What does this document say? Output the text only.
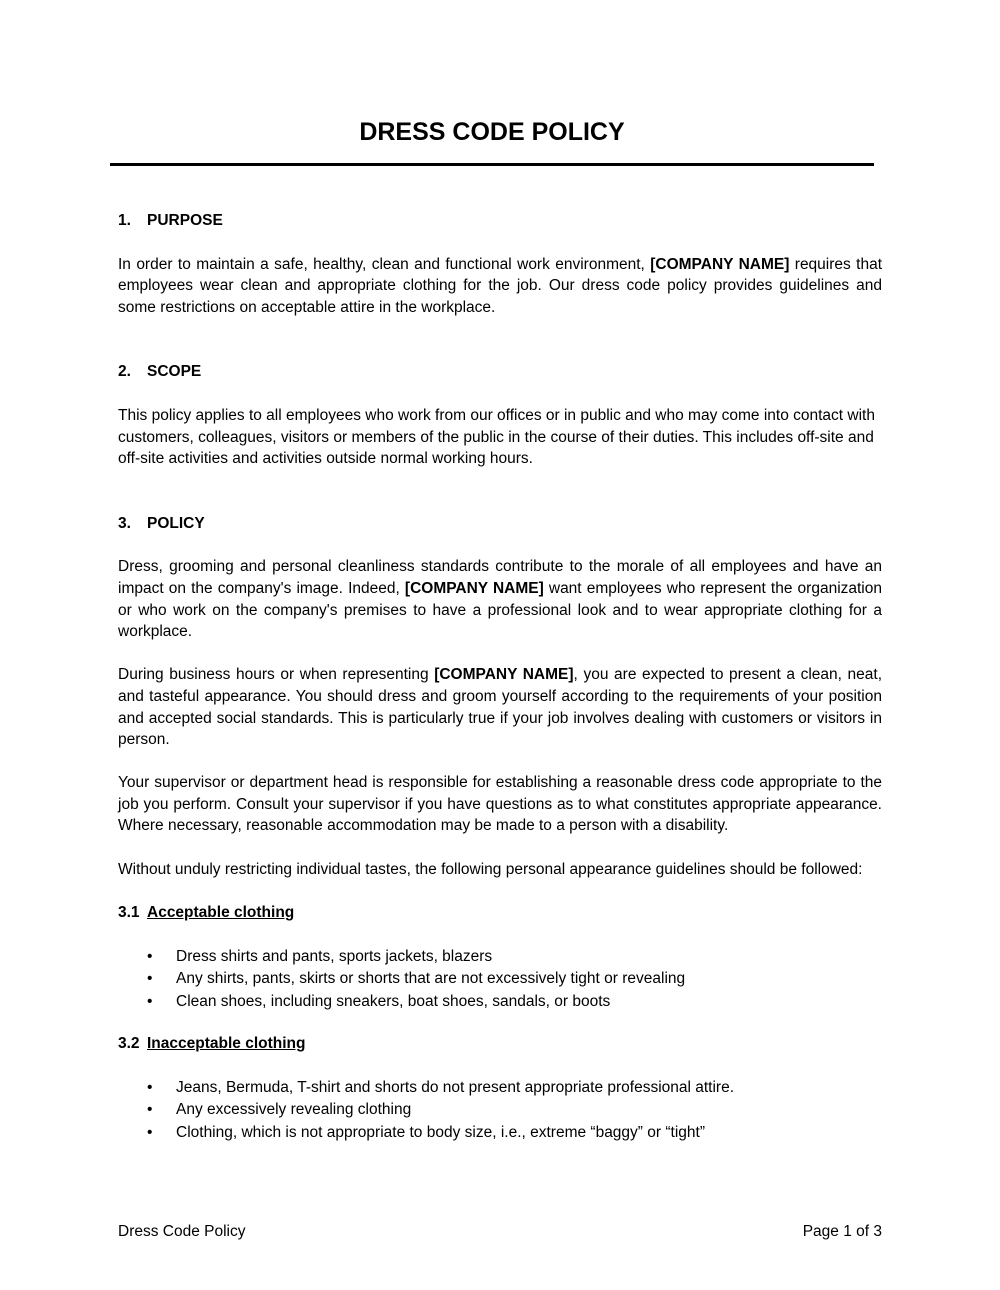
DRESS CODE POLICY
1.	PURPOSE

In order to maintain a safe, healthy, clean and functional work environment, [COMPANY NAME] requires that employees wear clean and appropriate clothing for the job. Our dress code policy provides guidelines and some restrictions on acceptable attire in the workplace.

2.	SCOPE

This policy applies to all employees who work from our offices or in public and who may come into contact with customers, colleagues, visitors or members of the public in the course of their duties. This includes off-site and off-site activities and activities outside normal working hours.

3.	POLICY

Dress, grooming and personal cleanliness standards contribute to the morale of all employees and have an impact on the company's image. Indeed, [COMPANY NAME] want employees who represent the organization or who work on the company's premises to have a professional look and to wear appropriate clothing for a workplace.

During business hours or when representing [COMPANY NAME], you are expected to present a clean, neat, and tasteful appearance. You should dress and groom yourself according to the requirements of your position and accepted social standards. This is particularly true if your job involves dealing with customers or visitors in person.

Your supervisor or department head is responsible for establishing a reasonable dress code appropriate to the job you perform. Consult your supervisor if you have questions as to what constitutes appropriate appearance. Where necessary, reasonable accommodation may be made to a person with a disability.

Without unduly restricting individual tastes, the following personal appearance guidelines should be followed:

3.1 Acceptable clothing
• Dress shirts and pants, sports jackets, blazers
• Any shirts, pants, skirts or shorts that are not excessively tight or revealing
• Clean shoes, including sneakers, boat shoes, sandals, or boots
3.2 Inacceptable clothing
• Jeans, Bermuda, T-shirt and shorts do not present appropriate professional attire.
• Any excessively revealing clothing
• Clothing, which is not appropriate to body size, i.e., extreme “baggy” or “tight”
Dress Code Policy	Page 1 of 3
